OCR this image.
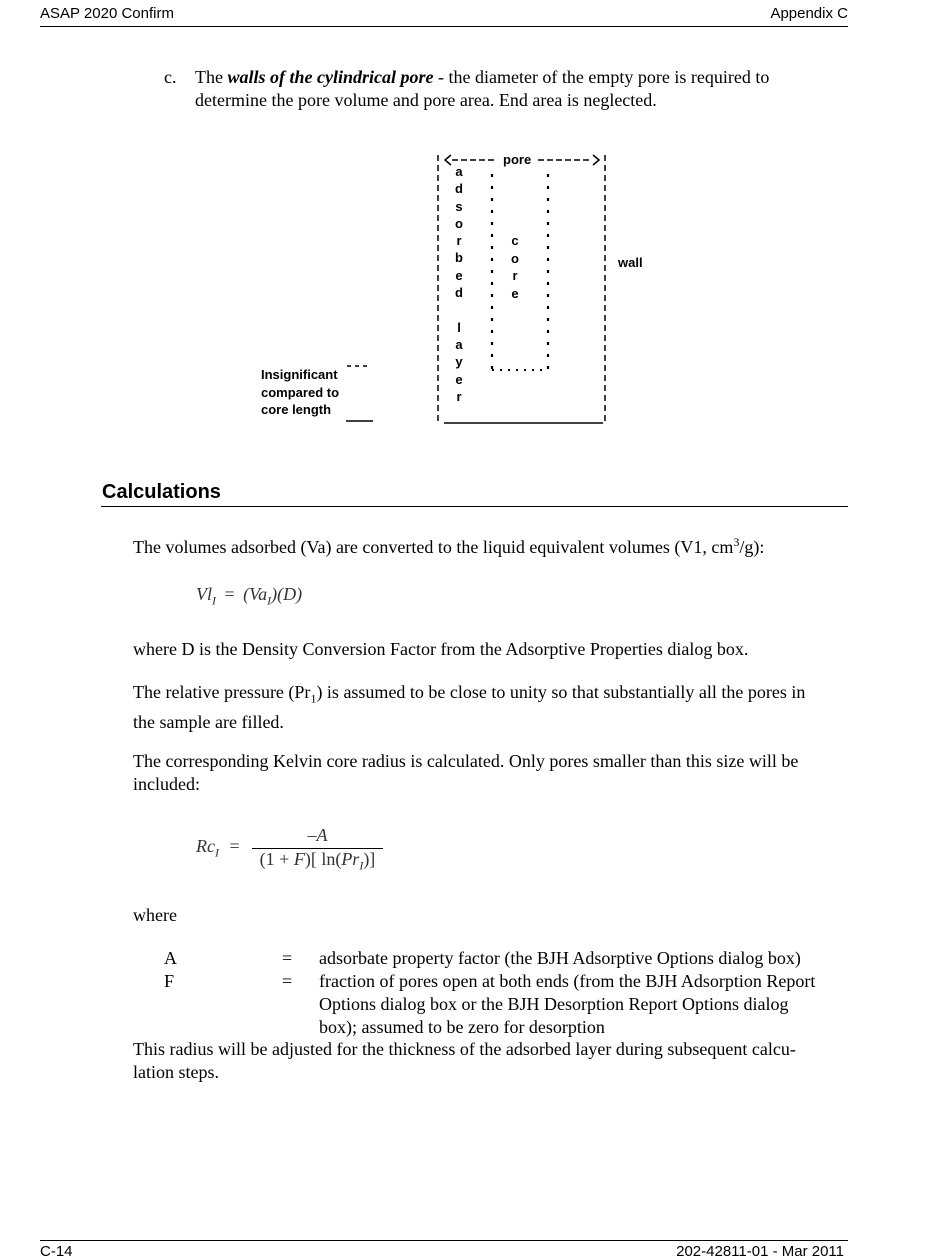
ASAP 2020 Confirm	Appendix C
c. The walls of the cylindrical pore - the diameter of the empty pore is required to
determine the pore volume and pore area. End area is neglected.
pore
a
d
s
o
r
b
e
d
l
a
y
e
r
c
o
r
e
wall
Insignificant
compared to
core length
Calculations
The volumes adsorbed (Va) are converted to the liquid equivalent volumes (V1, $cm^3/g$):
$Vl_I = (Va_I)(D)$
where D is the Density Conversion Factor from the Adsorptive Properties dialog box.
The relative pressure $(Pr_1)$ is assumed to be close to unity so that substantially all the pores in
the sample are filled.
The corresponding Kelvin core radius is calculated. Only pores smaller than this size will be
included:
$Rc_I$ =
–A
(1 + F)[ $\ln(Pr_I)$]
where
A	= adsorbate property factor (the BJH Adsorptive Options dialog box)
F	= fraction of pores open at both ends (from the BJH Adsorption Report
Options dialog box or the BJH Desorption Report Options dialog
box); assumed to be zero for desorption
This radius will be adjusted for the thickness of the adsorbed layer during subsequent calcu-
lation steps.
C-14	202-42811-01 - Mar 2011
